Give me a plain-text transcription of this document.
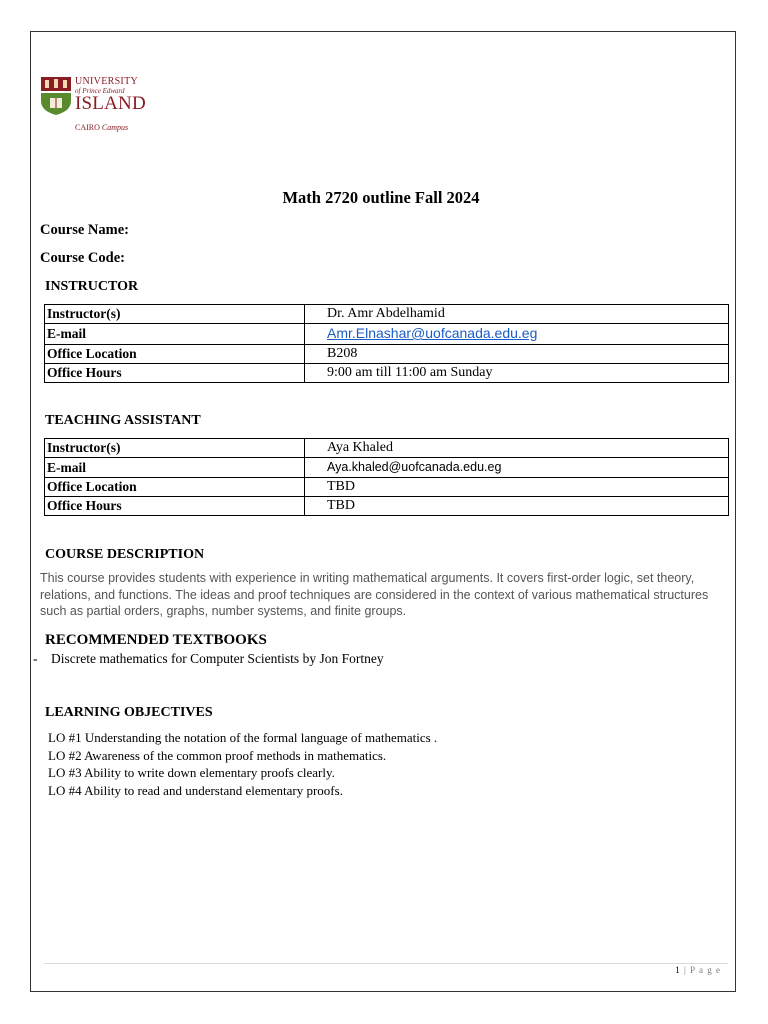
UNIVERSITY
of Prince Edward
ISLAND
CAIRO Campus
Math 2720 outline Fall 2024
Course Name:
Course Code:
INSTRUCTOR
Instructor(s)	Dr. Amr Abdelhamid
E-mail	Amr.Elnashar@uofcanada.edu.eg
Office Location	B208
Office Hours	9:00 am till 11:00 am Sunday
TEACHING ASSISTANT
Instructor(s)	Aya Khaled
E-mail	Aya.khaled@uofcanada.edu.eg
Office Location	TBD
Office Hours	TBD
COURSE DESCRIPTION
This course provides students with experience in writing mathematical arguments. It covers first-order logic, set theory, relations, and functions. The ideas and proof techniques are considered in the context of various mathematical structures such as partial orders, graphs, number systems, and finite groups.
RECOMMENDED TEXTBOOKS
- Discrete mathematics for Computer Scientists by Jon Fortney
LEARNING OBJECTIVES
LO #1 Understanding the notation of the formal language of mathematics .
LO #2 Awareness of the common proof methods in mathematics.
LO #3 Ability to write down elementary proofs clearly.
LO #4 Ability to read and understand elementary proofs.
1 | P a g e
